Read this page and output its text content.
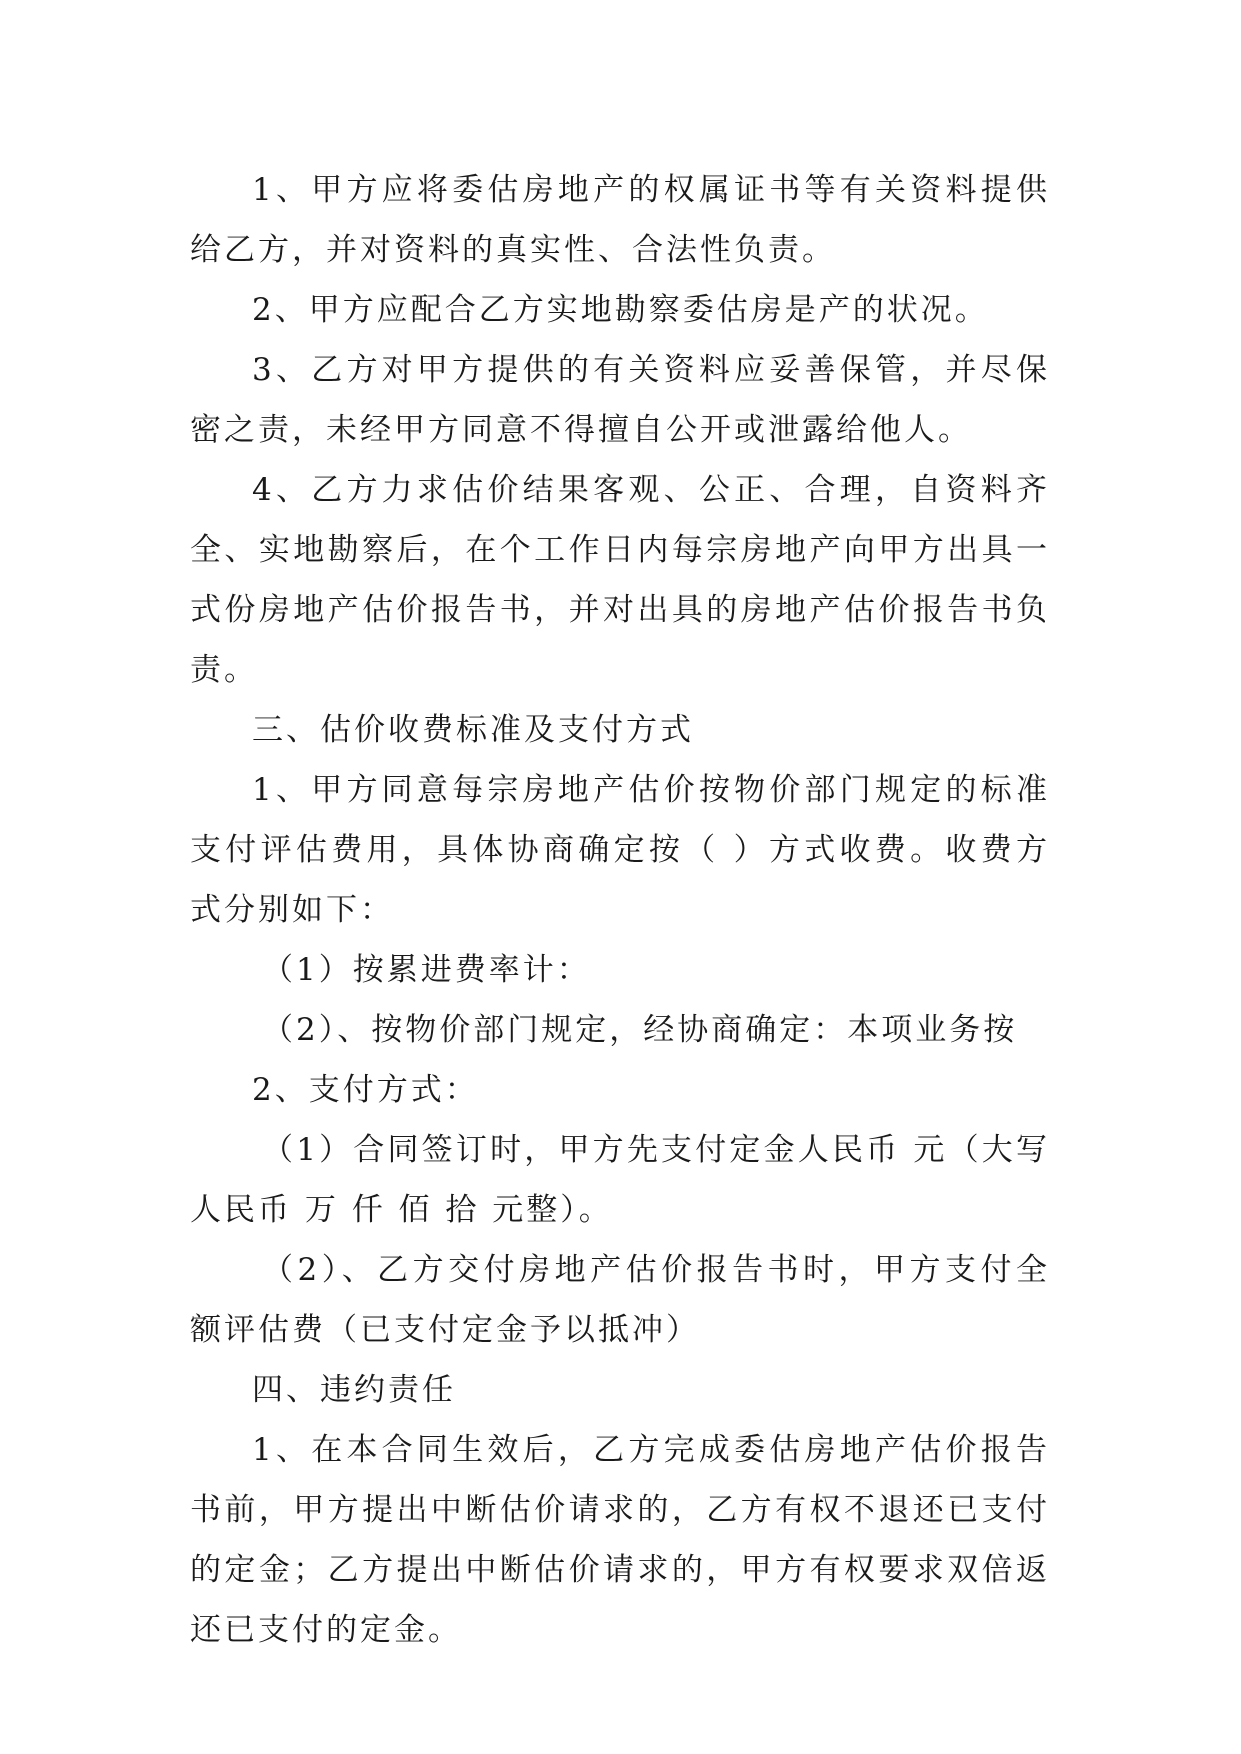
1、甲方应将委估房地产的权属证书等有关资料提供给乙方，并对资料的真实性、合法性负责。

2、甲方应配合乙方实地勘察委估房是产的状况。

3、乙方对甲方提供的有关资料应妥善保管，并尽保密之责，未经甲方同意不得擅自公开或泄露给他人。

4、乙方力求估价结果客观、公正、合理，自资料齐全、实地勘察后，在个工作日内每宗房地产向甲方出具一式份房地产估价报告书，并对出具的房地产估价报告书负责。

三、估价收费标准及支付方式

1、甲方同意每宗房地产估价按物价部门规定的标准支付评估费用，具体协商确定按（ ）方式收费。收费方式分别如下：

（1）按累进费率计：

（2）、按物价部门规定，经协商确定：本项业务按

2、支付方式：

（1）合同签订时，甲方先支付定金人民币 元（大写人民币 万 仟 佰 拾 元整）。

（2）、乙方交付房地产估价报告书时，甲方支付全额评估费（已支付定金予以抵冲）

四、违约责任

1、在本合同生效后，乙方完成委估房地产估价报告书前，甲方提出中断估价请求的，乙方有权不退还已支付的定金；乙方提出中断估价请求的，甲方有权要求双倍返还已支付的定金。
